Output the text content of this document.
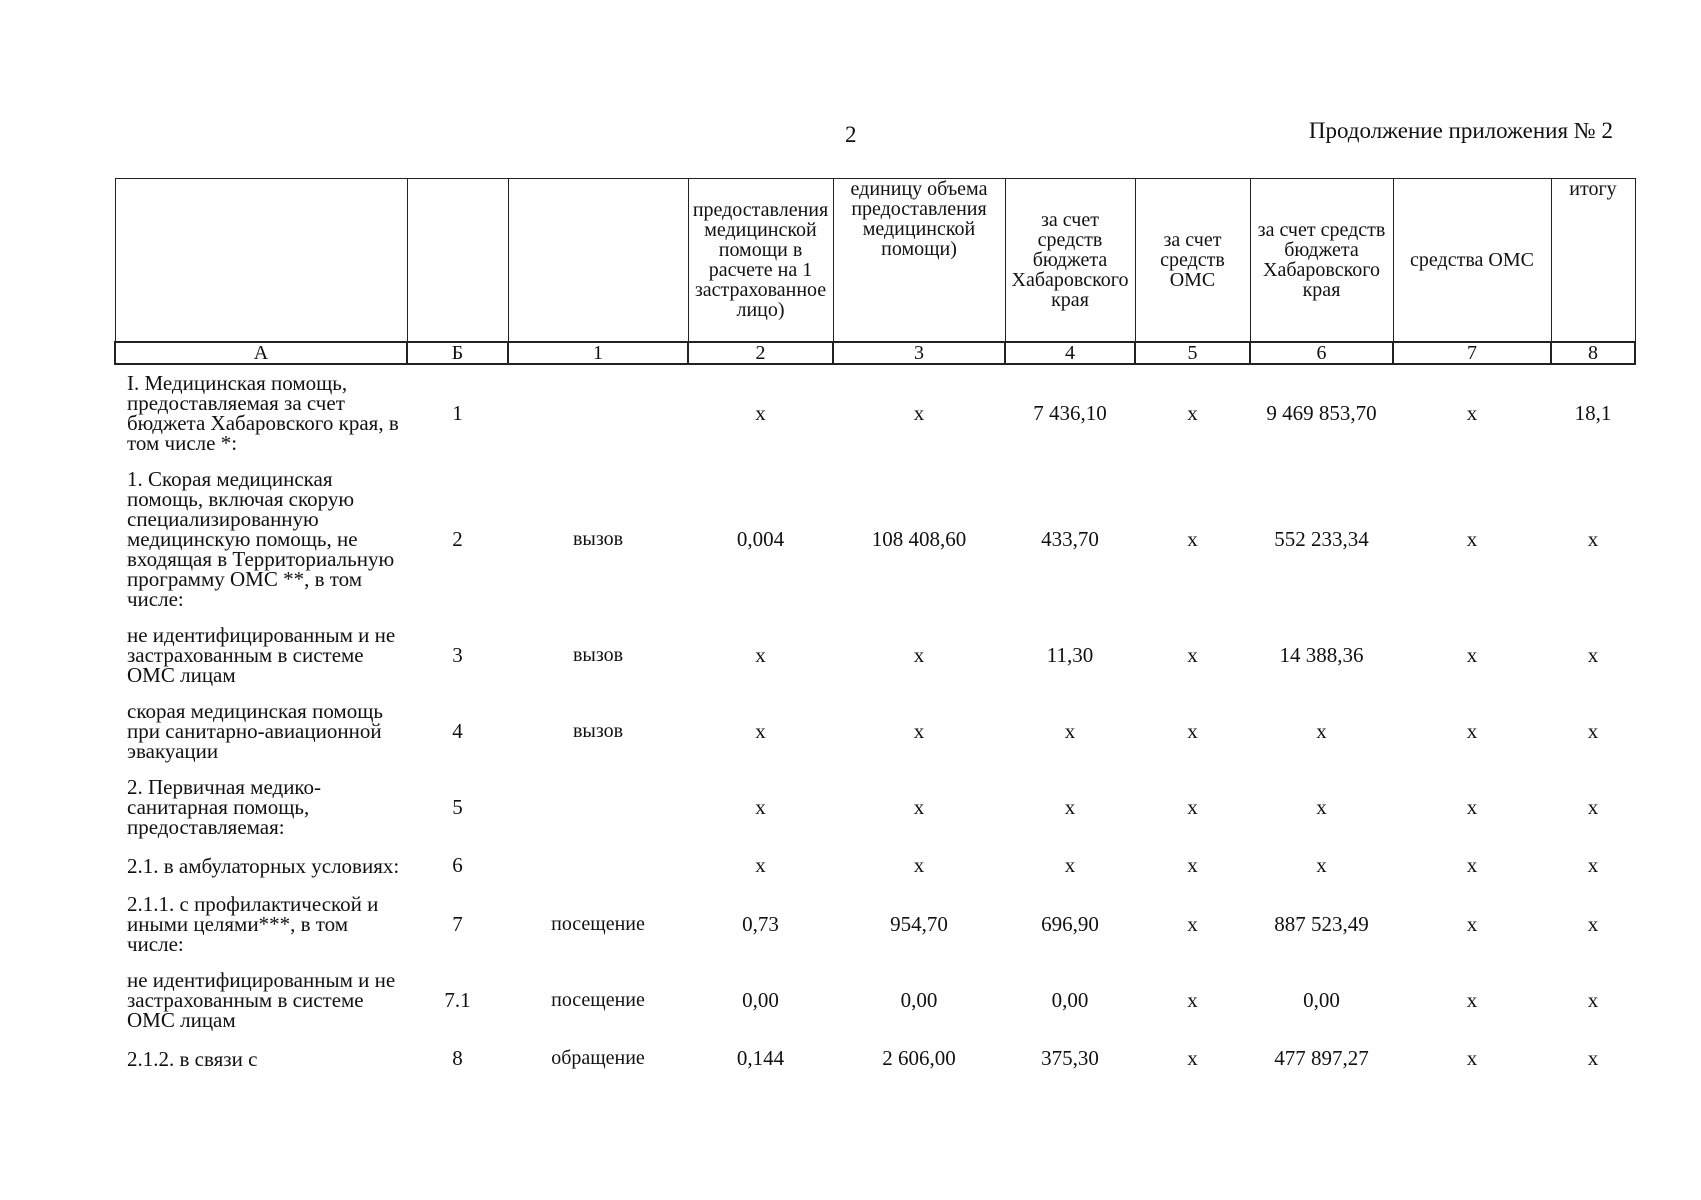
2	Продолжение приложения № 2
			предоставления медицинской помощи в расчете на 1 застрахованное лицо)	единицу объема предоставления медицинской помощи)	за счет средств бюджета Хабаровского края	за счет средств ОМС	за счет средств бюджета Хабаровского края	средства ОМС	итогу
А	Б	1	2	3	4	5	6	7	8
I. Медицинская помощь, предоставляемая за счет бюджета Хабаровского края, в том числе *:	1		х	х	7 436,10	х	9 469 853,70	х	18,1
1. Скорая медицинская помощь, включая скорую специализированную медицинскую помощь, не входящая в Территориальную программу ОМС **, в том числе:	2	вызов	0,004	108 408,60	433,70	х	552 233,34	х	х
не идентифицированным и не застрахованным в системе ОМС лицам	3	вызов	х	х	11,30	х	14 388,36	х	х
скорая медицинская помощь при санитарно-авиационной эвакуации	4	вызов	х	х	х	х	х	х	х
2. Первичная медико-санитарная помощь, предоставляемая:	5		х	х	х	х	х	х	х
2.1. в амбулаторных условиях:	6		х	х	х	х	х	х	х
2.1.1. с профилактической и иными целями***, в том числе:	7	посещение	0,73	954,70	696,90	х	887 523,49	х	х
не идентифицированным и не застрахованным в системе ОМС лицам	7.1	посещение	0,00	0,00	0,00	х	0,00	х	х
2.1.2. в связи с	8	обращение	0,144	2 606,00	375,30	х	477 897,27	х	х
